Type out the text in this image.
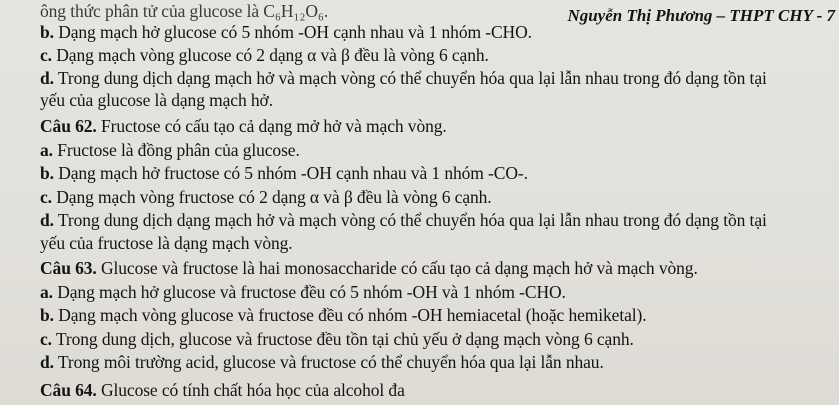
Nguyễn Thị Phương – THPT CHY - 7
ông thức phân tử của glucose là C₆H₁₂O₆.
b. Dạng mạch hở glucose có 5 nhóm -OH cạnh nhau và 1 nhóm -CHO.
c. Dạng mạch vòng glucose có 2 dạng α và β đều là vòng 6 cạnh.
d. Trong dung dịch dạng mạch hở và mạch vòng có thể chuyển hóa qua lại lẫn nhau trong đó dạng tồn tại
yếu của glucose là dạng mạch hở.
Câu 62. Fructose có cấu tạo cả dạng mở hở và mạch vòng.
a. Fructose là đồng phân của glucose.
b. Dạng mạch hở fructose có 5 nhóm -OH cạnh nhau và 1 nhóm -CO-.
c. Dạng mạch vòng fructose có 2 dạng α và β đều là vòng 6 cạnh.
d. Trong dung dịch dạng mạch hở và mạch vòng có thể chuyển hóa qua lại lẫn nhau trong đó dạng tồn tại
yếu của fructose là dạng mạch vòng.
Câu 63. Glucose và fructose là hai monosaccharide có cấu tạo cả dạng mạch hở và mạch vòng.
a. Dạng mạch hở glucose và fructose đều có 5 nhóm -OH và 1 nhóm -CHO.
b. Dạng mạch vòng glucose và fructose đều có nhóm -OH hemiacetal (hoặc hemiketal).
c. Trong dung dịch, glucose và fructose đều tồn tại chủ yếu ở dạng mạch vòng 6 cạnh.
d. Trong môi trường acid, glucose và fructose có thể chuyển hóa qua lại lẫn nhau.
Câu 64. Glucose có tính chất hóa học của alcohol đa
